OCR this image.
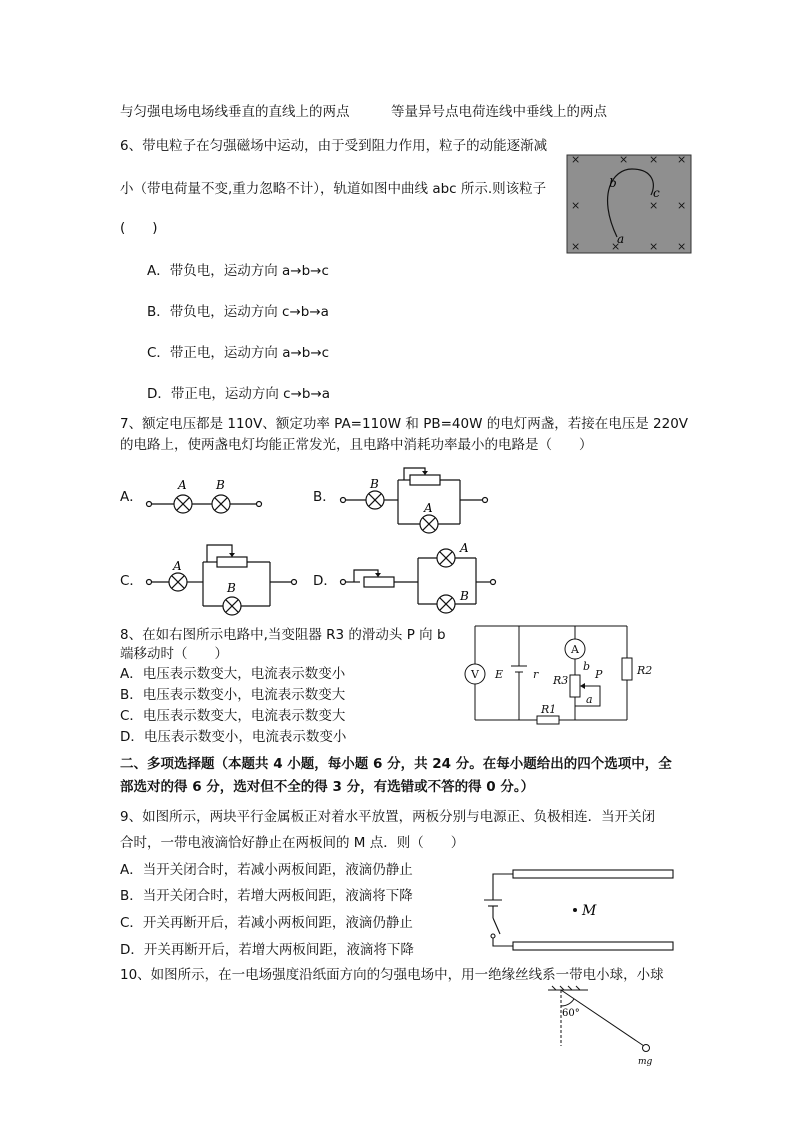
与匀强电场电场线垂直的直线上的两点	等量异号点电荷连线中垂线上的两点
6、带电粒子在匀强磁场中运动，由于受到阻力作用，粒子的动能逐渐减
小（带电荷量不变,重力忽略不计），轨道如图中曲线 abc 所示.则该粒子
(　　)
A．带负电，运动方向 a→b→c
B．带负电，运动方向 c→b→a
C．带正电，运动方向 a→b→c
D．带正电，运动方向 c→b→a
×	× × ×
×	× ×
×	×	× ×
b
c
a
7、额定电压都是 110V、额定功率 PA=110W 和 PB=40W 的电灯两盏，若接在电压是 220V
的电路上，使两盏电灯均能正常发光，且电路中消耗功率最小的电路是（　　）
A．	B．
C．	D．
A B	B
A
A
B
A
B
8、在如右图所示电路中,当变阻器 R3 的滑动头 P 向 b
端移动时（　　）
A．电压表示数变大，电流表示数变小
B．电压表示数变小，电流表示数变大
C．电压表示数变大，电流表示数变大
D．电压表示数变小，电流表示数变小
V
A
E	r R3 P
b
a
R2
R1
二、多项选择题（本题共 4 小题，每小题 6 分，共 24 分。在每小题给出的四个选项中，全
部选对的得 6 分，选对但不全的得 3 分，有选错或不答的得 0 分。）
9、如图所示，两块平行金属板正对着水平放置，两板分别与电源正、负极相连．当开关闭
合时，一带电液滴恰好静止在两板间的 M 点．则（　　）
A．当开关闭合时，若减小两板间距，液滴仍静止
B．当开关闭合时，若增大两板间距，液滴将下降
C．开关再断开后，若减小两板间距，液滴仍静止
D．开关再断开后，若增大两板间距，液滴将下降
M
10、如图所示，在一电场强度沿纸面方向的匀强电场中，用一绝缘丝线系一带电小球，小球
60°
mg
